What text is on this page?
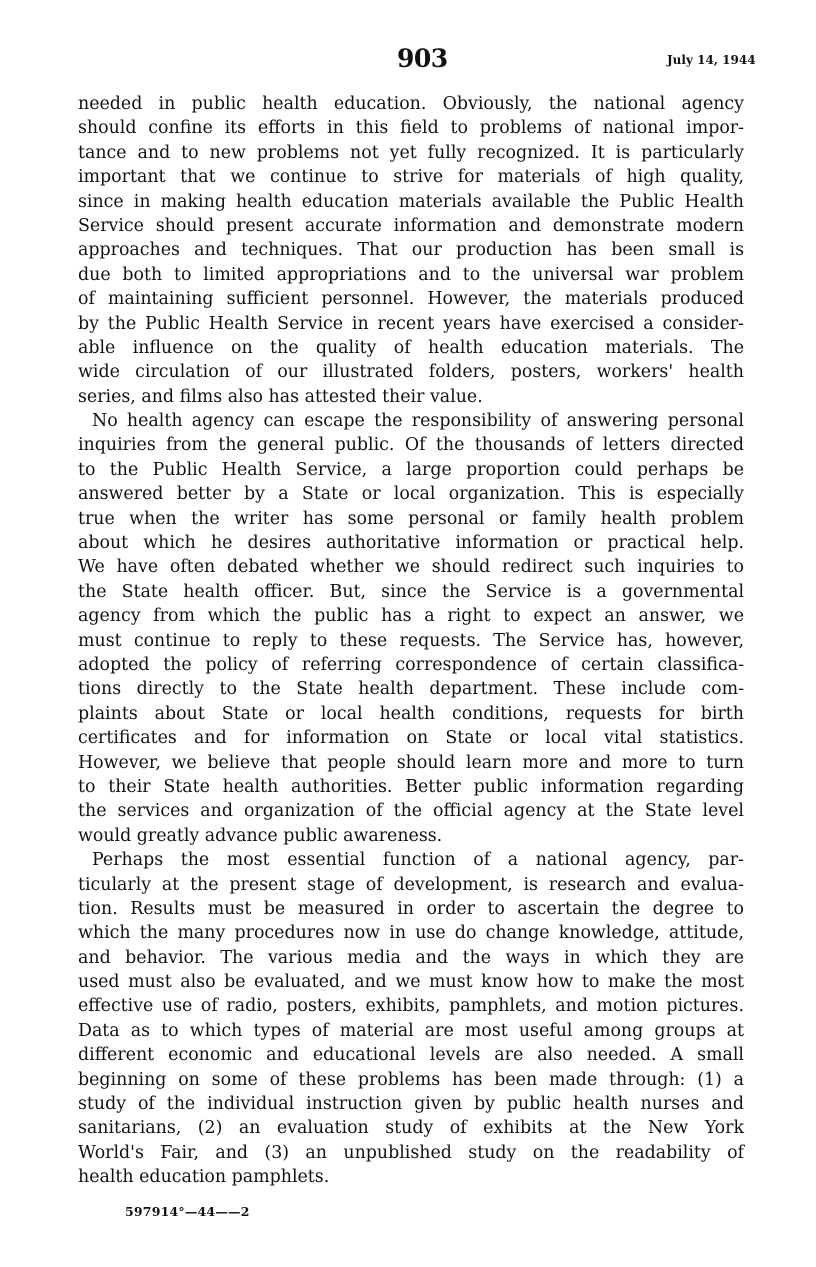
903	July 14, 1944
needed in public health education. Obviously, the national agency
should confine its efforts in this field to problems of national impor-
tance and to new problems not yet fully recognized. It is particularly
important that we continue to strive for materials of high quality,
since in making health education materials available the Public Health
Service should present accurate information and demonstrate modern
approaches and techniques. That our production has been small is
due both to limited appropriations and to the universal war problem
of maintaining sufficient personnel. However, the materials produced
by the Public Health Service in recent years have exercised a consider-
able influence on the quality of health education materials. The
wide circulation of our illustrated folders, posters, workers' health
series, and films also has attested their value.
No health agency can escape the responsibility of answering personal
inquiries from the general public. Of the thousands of letters directed
to the Public Health Service, a large proportion could perhaps be
answered better by a State or local organization. This is especially
true when the writer has some personal or family health problem
about which he desires authoritative information or practical help.
We have often debated whether we should redirect such inquiries to
the State health officer. But, since the Service is a governmental
agency from which the public has a right to expect an answer, we
must continue to reply to these requests. The Service has, however,
adopted the policy of referring correspondence of certain classifica-
tions directly to the State health department. These include com-
plaints about State or local health conditions, requests for birth
certificates and for information on State or local vital statistics.
However, we believe that people should learn more and more to turn
to their State health authorities. Better public information regarding
the services and organization of the official agency at the State level
would greatly advance public awareness.
Perhaps the most essential function of a national agency, par-
ticularly at the present stage of development, is research and evalua-
tion. Results must be measured in order to ascertain the degree to
which the many procedures now in use do change knowledge, attitude,
and behavior. The various media and the ways in which they are
used must also be evaluated, and we must know how to make the most
effective use of radio, posters, exhibits, pamphlets, and motion pictures.
Data as to which types of material are most useful among groups at
different economic and educational levels are also needed. A small
beginning on some of these problems has been made through: (1) a
study of the individual instruction given by public health nurses and
sanitarians, (2) an evaluation study of exhibits at the New York
World's Fair, and (3) an unpublished study on the readability of
health education pamphlets.
597914°—44——2
